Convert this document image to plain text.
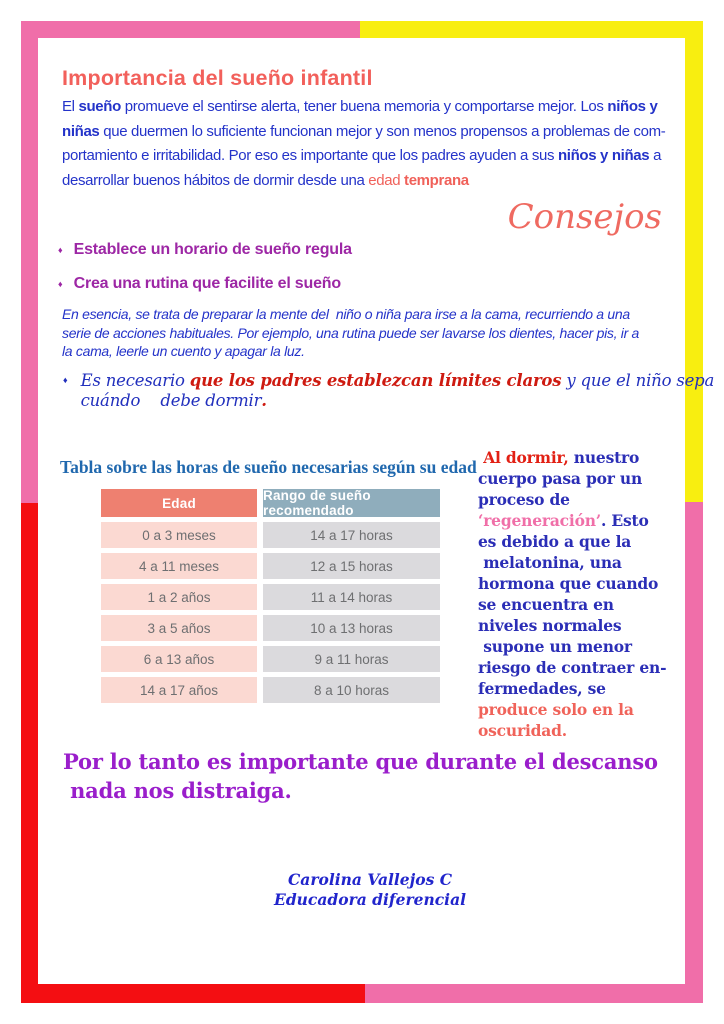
Importancia del sueño infantil

El sueño promueve el sentirse alerta, tener buena memoria y comportarse mejor. Los niños y
niñas que duermen lo suficiente funcionan mejor y son menos propensos a problemas de com-
portamiento e irritabilidad. Por eso es importante que los padres ayuden a sus niños y niñas a
desarrollar buenos hábitos de dormir desde una edad temprana

Consejos
♦ Establece un horario de sueño regula
♦ Crea una rutina que facilite el sueño

En esencia, se trata de preparar la mente del  niño o niña para irse a la cama, recurriendo a una
serie de acciones habituales. Por ejemplo, una rutina puede ser lavarse los dientes, hacer pis, ir a
la cama, leerle un cuento y apagar la luz.

♦ Es necesario que los padres establezcan límites claros y que el niño sepa
cuándo    debe dormir.
Tabla sobre las horas de sueño necesarias según su edad
Edad	Rango de sueño recomendado
0 a 3 meses	14 a 17 horas
4 a 11 meses	12 a 15 horas
1 a 2 años	11 a 14 horas
3 a 5 años	10 a 13 horas
6 a 13 años	9 a 11 horas
14 a 17 años	8 a 10 horas

Al dormir, nuestro
cuerpo pasa por un
proceso de
‘regeneración’. Esto
es debido a que la
melatonina, una
hormona que cuando
se encuentra en
niveles normales
supone un menor
riesgo de contraer en-
fermedades, se
produce solo en la
oscuridad.

Por lo tanto es importante que durante el descanso
nada nos distraiga.

Carolina Vallejos C
Educadora diferencial
